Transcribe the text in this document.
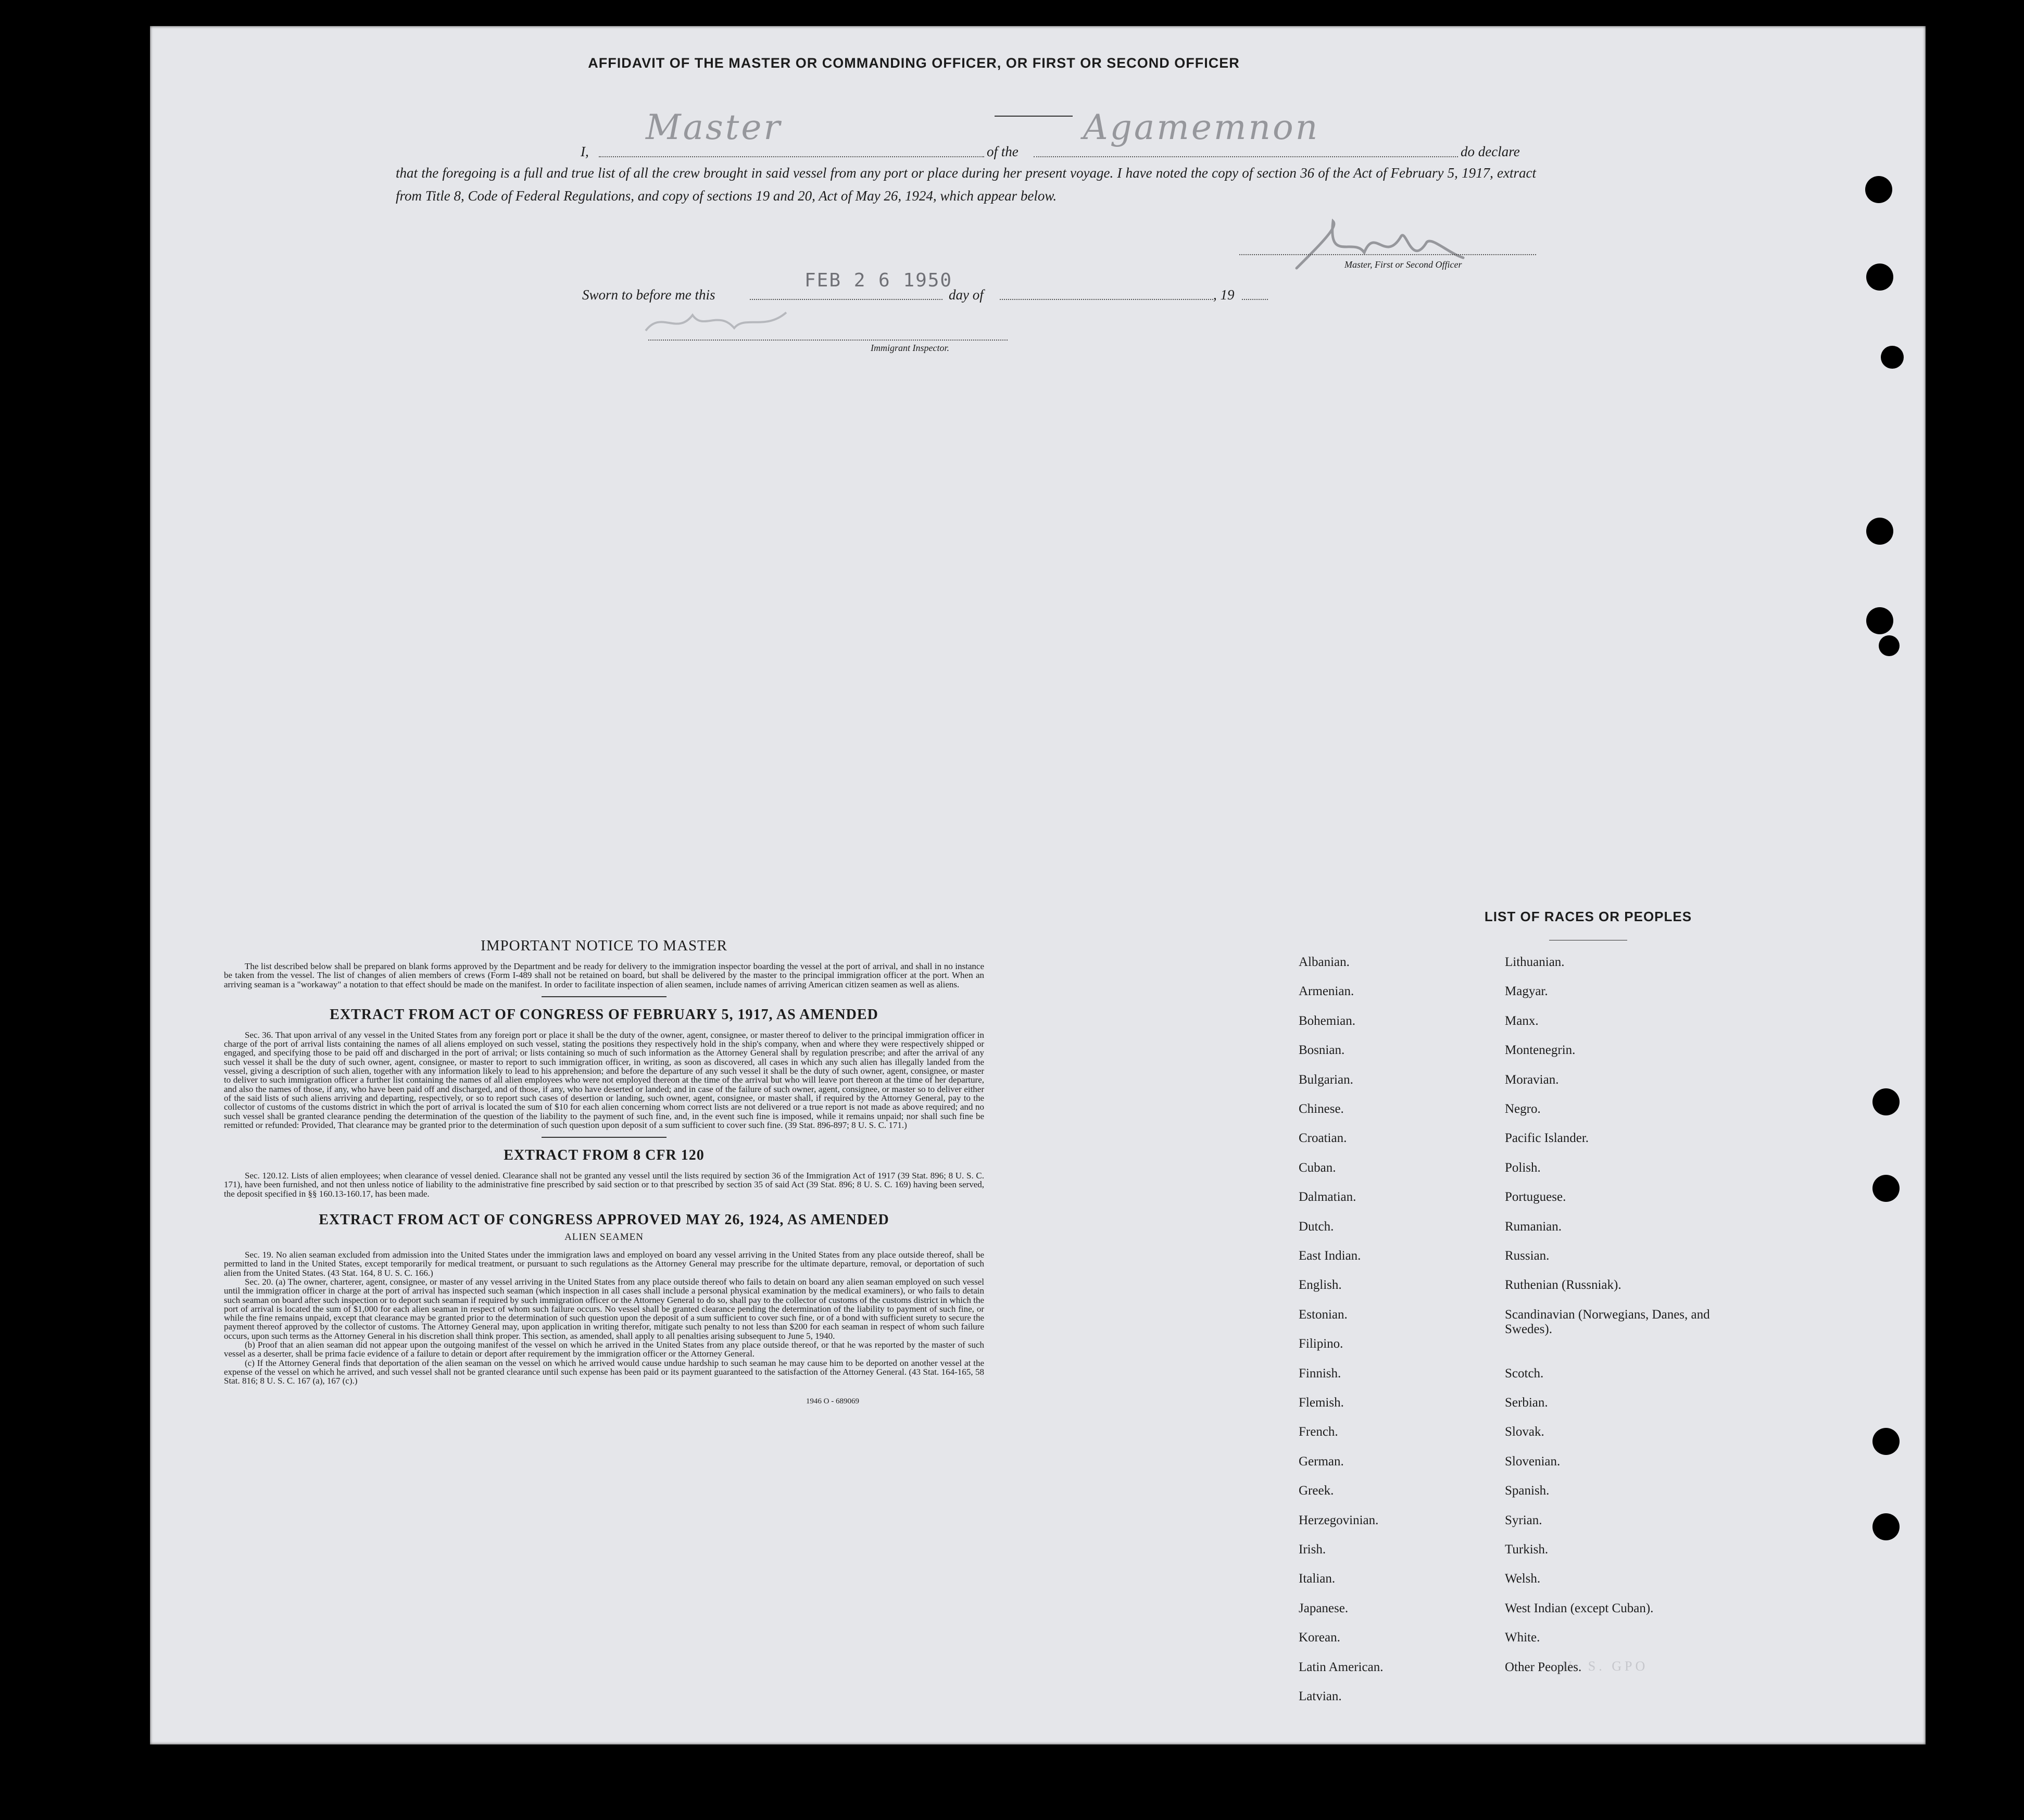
AFFIDAVIT OF THE MASTER OR COMMANDING OFFICER, OR FIRST OR SECOND OFFICER
I,
Master
of the
Agamemnon
do declare
that the foregoing is a full and true list of all the crew brought in said vessel from any port or place during her present voyage. I have noted the copy of section 36 of the Act of February 5, 1917, extract from Title 8, Code of Federal Regulations, and copy of sections 19 and 20, Act of May 26, 1924, which appear below.
Master, First or Second Officer
Sworn to before me this
FEB 2 6 1950
day of	, 19
Immigrant Inspector.

IMPORTANT NOTICE TO MASTER

The list described below shall be prepared on blank forms approved by the Department and be ready for delivery to the immigration inspector boarding the vessel at the port of arrival, and shall in no instance be taken from the vessel. The list of changes of alien members of crews (Form I-489 shall not be retained on board, but shall be delivered by the master to the principal immigration officer at the port. When an arriving seaman is a "workaway" a notation to that effect should be made on the manifest. In order to facilitate inspection of alien seamen, include names of arriving American citizen seamen as well as aliens.

EXTRACT FROM ACT OF CONGRESS OF FEBRUARY 5, 1917, AS AMENDED

Sec. 36. That upon arrival of any vessel in the United States from any foreign port or place it shall be the duty of the owner, agent, consignee, or master thereof to deliver to the principal immigration officer in charge of the port of arrival lists containing the names of all aliens employed on such vessel, stating the positions they respectively hold in the ship's company, when and where they were respectively shipped or engaged, and specifying those to be paid off and discharged in the port of arrival; or lists containing so much of such information as the Attorney General shall by regulation prescribe; and after the arrival of any such vessel it shall be the duty of such owner, agent, consignee, or master to report to such immigration officer, in writing, as soon as discovered, all cases in which any such alien has illegally landed from the vessel, giving a description of such alien, together with any information likely to lead to his apprehension; and before the departure of any such vessel it shall be the duty of such owner, agent, consignee, or master to deliver to such immigration officer a further list containing the names of all alien employees who were not employed thereon at the time of the arrival but who will leave port thereon at the time of her departure, and also the names of those, if any, who have been paid off and discharged, and of those, if any, who have deserted or landed; and in case of the failure of such owner, agent, consignee, or master so to deliver either of the said lists of such aliens arriving and departing, respectively, or so to report such cases of desertion or landing, such owner, agent, consignee, or master shall, if required by the Attorney General, pay to the collector of customs of the customs district in which the port of arrival is located the sum of $10 for each alien concerning whom correct lists are not delivered or a true report is not made as above required; and no such vessel shall be granted clearance pending the determination of the question of the liability to the payment of such fine, and, in the event such fine is imposed, while it remains unpaid; nor shall such fine be remitted or refunded: Provided, That clearance may be granted prior to the determination of such question upon deposit of a sum sufficient to cover such fine. (39 Stat. 896-897; 8 U. S. C. 171.)

EXTRACT FROM 8 CFR 120

Sec. 120.12. Lists of alien employees; when clearance of vessel denied. Clearance shall not be granted any vessel until the lists required by section 36 of the Immigration Act of 1917 (39 Stat. 896; 8 U. S. C. 171), have been furnished, and not then unless notice of liability to the administrative fine prescribed by said section or to that prescribed by section 35 of said Act (39 Stat. 896; 8 U. S. C. 169) having been served, the deposit specified in §§ 160.13-160.17, has been made.

EXTRACT FROM ACT OF CONGRESS APPROVED MAY 26, 1924, AS AMENDED

ALIEN SEAMEN

Sec. 19. No alien seaman excluded from admission into the United States under the immigration laws and employed on board any vessel arriving in the United States from any place outside thereof, shall be permitted to land in the United States, except temporarily for medical treatment, or pursuant to such regulations as the Attorney General may prescribe for the ultimate departure, removal, or deportation of such alien from the United States. (43 Stat. 164, 8 U. S. C. 166.)

Sec. 20. (a) The owner, charterer, agent, consignee, or master of any vessel arriving in the United States from any place outside thereof who fails to detain on board any alien seaman employed on such vessel until the immigration officer in charge at the port of arrival has inspected such seaman (which inspection in all cases shall include a personal physical examination by the medical examiners), or who fails to detain such seaman on board after such inspection or to deport such seaman if required by such immigration officer or the Attorney General to do so, shall pay to the collector of customs of the customs district in which the port of arrival is located the sum of $1,000 for each alien seaman in respect of whom such failure occurs. No vessel shall be granted clearance pending the determination of the liability to payment of such fine, or while the fine remains unpaid, except that clearance may be granted prior to the determination of such question upon the deposit of a sum sufficient to cover such fine, or of a bond with sufficient surety to secure the payment thereof approved by the collector of customs. The Attorney General may, upon application in writing therefor, mitigate such penalty to not less than $200 for each seaman in respect of whom such failure occurs, upon such terms as the Attorney General in his discretion shall think proper. This section, as amended, shall apply to all penalties arising subsequent to June 5, 1940.

(b) Proof that an alien seaman did not appear upon the outgoing manifest of the vessel on which he arrived in the United States from any place outside thereof, or that he was reported by the master of such vessel as a deserter, shall be prima facie evidence of a failure to detain or deport after requirement by the immigration officer or the Attorney General.

(c) If the Attorney General finds that deportation of the alien seaman on the vessel on which he arrived would cause undue hardship to such seaman he may cause him to be deported on another vessel at the expense of the vessel on which he arrived, and such vessel shall not be granted clearance until such expense has been paid or its payment guaranteed to the satisfaction of the Attorney General. (43 Stat. 164-165, 58 Stat. 816; 8 U. S. C. 167 (a), 167 (c).)

1946 O - 689069
LIST OF RACES OR PEOPLES
U. S. GPO
Albanian.
Armenian.
Bohemian.
Bosnian.
Bulgarian.
Chinese.
Croatian.
Cuban.
Dalmatian.
Dutch.
East Indian.
English.
Estonian.
Filipino.
Finnish.
Flemish.
French.
German.
Greek.
Herzegovinian.
Irish.
Italian.
Japanese.
Korean.
Latin American.
Latvian.
Lithuanian.
Magyar.
Manx.
Montenegrin.
Moravian.
Negro.
Pacific Islander.
Polish.
Portuguese.
Rumanian.
Russian.
Ruthenian (Russniak).
Scandinavian (Norwegians, Danes, and Swedes).
Scotch.
Serbian.
Slovak.
Slovenian.
Spanish.
Syrian.
Turkish.
Welsh.
West Indian (except Cuban).
White.
Other Peoples.
